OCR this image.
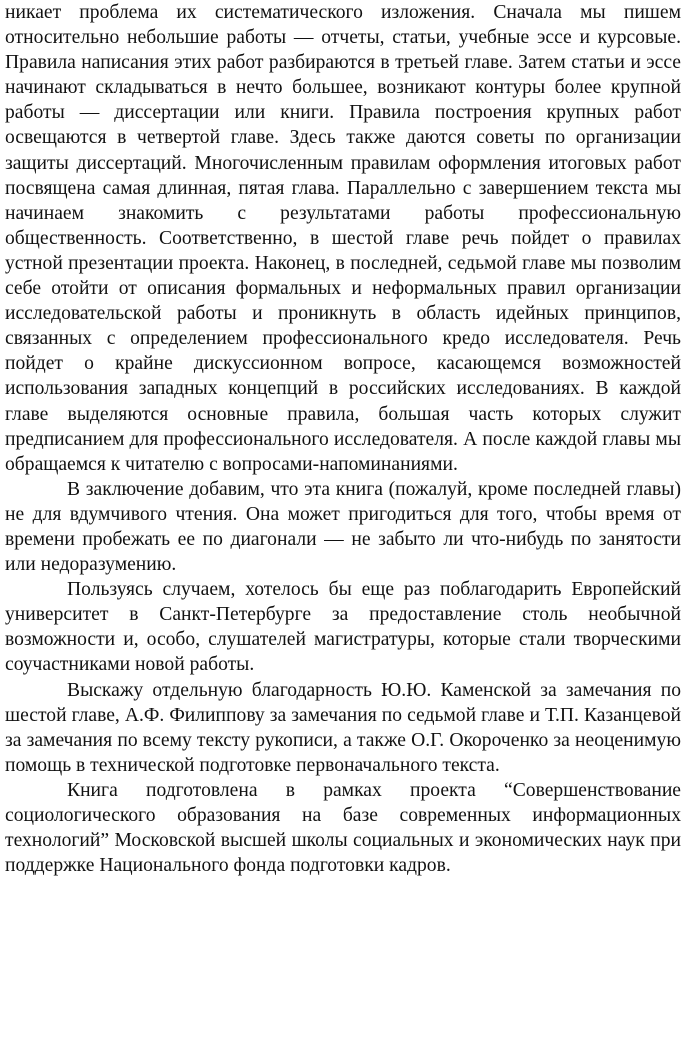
никает проблема их систематического изложения. Сначала мы пишем относительно небольшие работы — отчеты, статьи, учебные эссе и курсовые. Правила написания этих работ разбираются в третьей главе. Затем статьи и эссе начинают складываться в нечто большее, возникают контуры более крупной работы — диссертации или книги. Правила построения крупных работ освещаются в четвертой главе. Здесь также даются советы по организации защиты диссертаций. Многочисленным правилам оформления итоговых работ посвящена самая длинная, пятая глава. Параллельно с завершением текста мы начинаем знакомить с результатами работы профессиональную общественность. Соответственно, в шестой главе речь пойдет о правилах устной презентации проекта. Наконец, в последней, седьмой главе мы позволим себе отойти от описания формальных и неформальных правил организации исследовательской работы и проникнуть в область идейных принципов, связанных с определением профессионального кредо исследователя. Речь пойдет о крайне дискуссионном вопросе, касающемся возможностей использования западных концепций в российских исследованиях. В каждой главе выделяются основные правила, большая часть которых служит предписанием для профессионального исследователя. А после каждой главы мы обращаемся к читателю с вопросами-напоминаниями.

В заключение добавим, что эта книга (пожалуй, кроме последней главы) не для вдумчивого чтения. Она может пригодиться для того, чтобы время от времени пробежать ее по диагонали — не забыто ли что-нибудь по занятости или недоразумению.

Пользуясь случаем, хотелось бы еще раз поблагодарить Европейский университет в Санкт-Петербурге за предоставление столь необычной возможности и, особо, слушателей магистратуры, которые стали творческими соучастниками новой работы.

Выскажу отдельную благодарность Ю.Ю. Каменской за замечания по шестой главе, А.Ф. Филиппову за замечания по седьмой главе и Т.П. Казанцевой за замечания по всему тексту рукописи, а также О.Г. Окороченко за неоценимую помощь в технической подготовке первоначального текста.

Книга подготовлена в рамках проекта “Совершенствование социологического образования на базе современных информационных технологий” Московской высшей школы социальных и экономических наук при поддержке Национального фонда подготовки кадров.
